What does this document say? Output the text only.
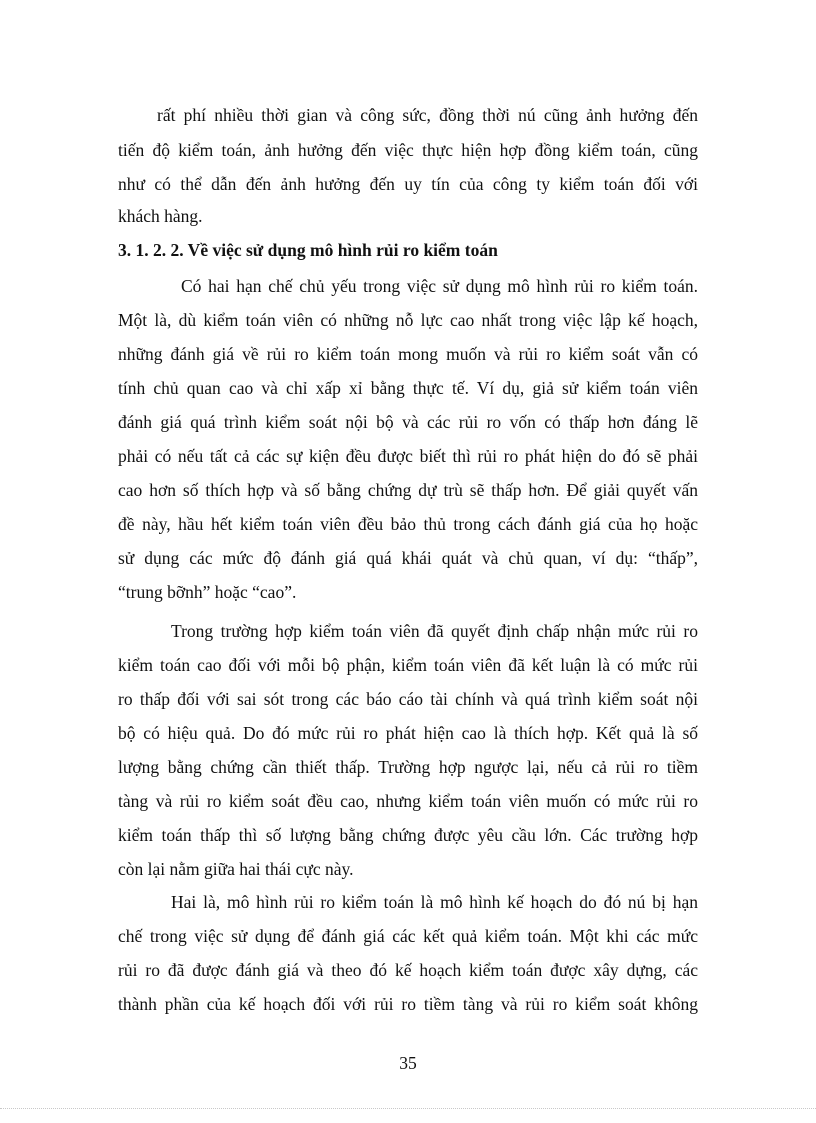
rất phí nhiều thời gian và công sức, đồng thời nú cũng ảnh hưởng đến
tiến độ kiểm toán, ảnh hưởng đến việc thực hiện hợp đồng kiểm toán, cũng
như có thể dẫn đến ảnh hưởng đến uy tín của công ty kiểm toán đối với
khách hàng.
3. 1. 2. 2. Về việc sử dụng mô hình rủi ro kiểm toán
Có hai hạn chế chủ yếu trong việc sử dụng mô hình rủi ro kiểm toán.
Một là, dù kiểm toán viên có những nỗ lực cao nhất trong việc lập kế hoạch,
những đánh giá về rủi ro kiểm toán mong muốn và rủi ro kiểm soát vẫn có
tính chủ quan cao và chỉ xấp xỉ bằng thực tế. Ví dụ, giả sử kiểm toán viên
đánh giá quá trình kiểm soát nội bộ và các rủi ro vốn có thấp hơn đáng lẽ
phải có nếu tất cả các sự kiện đều được biết thì rủi ro phát hiện do đó sẽ phải
cao hơn số thích hợp và số bằng chứng dự trù sẽ thấp hơn. Để giải quyết vấn
đề này, hầu hết kiểm toán viên đều bảo thủ trong cách đánh giá của họ hoặc
sử dụng các mức độ đánh giá quá khái quát và chủ quan, ví dụ: “thấp”,
“trung bỡnh” hoặc “cao”.
Trong trường hợp kiểm toán viên đã quyết định chấp nhận mức rủi ro
kiểm toán cao đối với mỗi bộ phận, kiểm toán viên đã kết luận là có mức rủi
ro thấp đối với sai sót trong các báo cáo tài chính và quá trình kiểm soát nội
bộ có hiệu quả. Do đó mức rủi ro phát hiện cao là thích hợp. Kết quả là số
lượng bằng chứng cần thiết thấp. Trường hợp ngược lại, nếu cả rủi ro tiềm
tàng và rủi ro kiểm soát đều cao, nhưng kiểm toán viên muốn có mức rủi ro
kiểm toán thấp thì số lượng bằng chứng được yêu cầu lớn. Các trường hợp
còn lại nằm giữa hai thái cực này.
Hai là, mô hình rủi ro kiểm toán là mô hình kế hoạch do đó nú bị hạn
chế trong việc sử dụng để đánh giá các kết quả kiểm toán. Một khi các mức
rủi ro đã được đánh giá và theo đó kế hoạch kiểm toán được xây dựng, các
thành phần của kế hoạch đối với rủi ro tiềm tàng và rủi ro kiểm soát không
35
